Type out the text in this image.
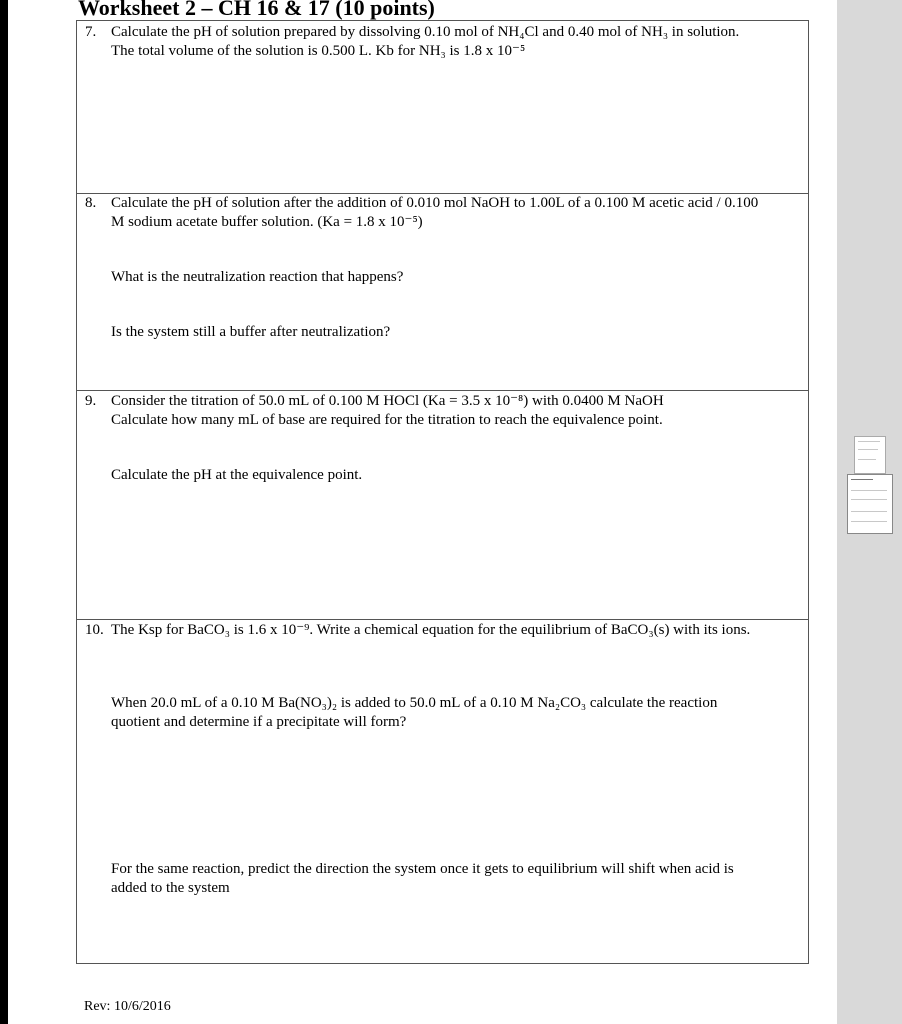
Worksheet 2 – CH 16 & 17 (10 points)
7. Calculate the pH of solution prepared by dissolving 0.10 mol of NH₄Cl and 0.40 mol of NH₃ in solution.
The total volume of the solution is 0.500 L. Kb for NH₃ is 1.8 x 10⁻⁵
8. Calculate the pH of solution after the addition of 0.010 mol NaOH to 1.00L of a 0.100 M acetic acid / 0.100
M sodium acetate buffer solution. (Ka = 1.8 x 10⁻⁵)
What is the neutralization reaction that happens?
Is the system still a buffer after neutralization?
9. Consider the titration of 50.0 mL of 0.100 M HOCl (Ka = 3.5 x 10⁻⁸) with 0.0400 M NaOH
Calculate how many mL of base are required for the titration to reach the equivalence point.
Calculate the pH at the equivalence point.
10. The Ksp for BaCO₃ is 1.6 x 10⁻⁹. Write a chemical equation for the equilibrium of BaCO₃(s) with its ions.
When 20.0 mL of a 0.10 M Ba(NO₃)₂ is added to 50.0 mL of a 0.10 M Na₂CO₃ calculate the reaction
quotient and determine if a precipitate will form?
For the same reaction, predict the direction the system once it gets to equilibrium will shift when acid is
added to the system
Rev: 10/6/2016
